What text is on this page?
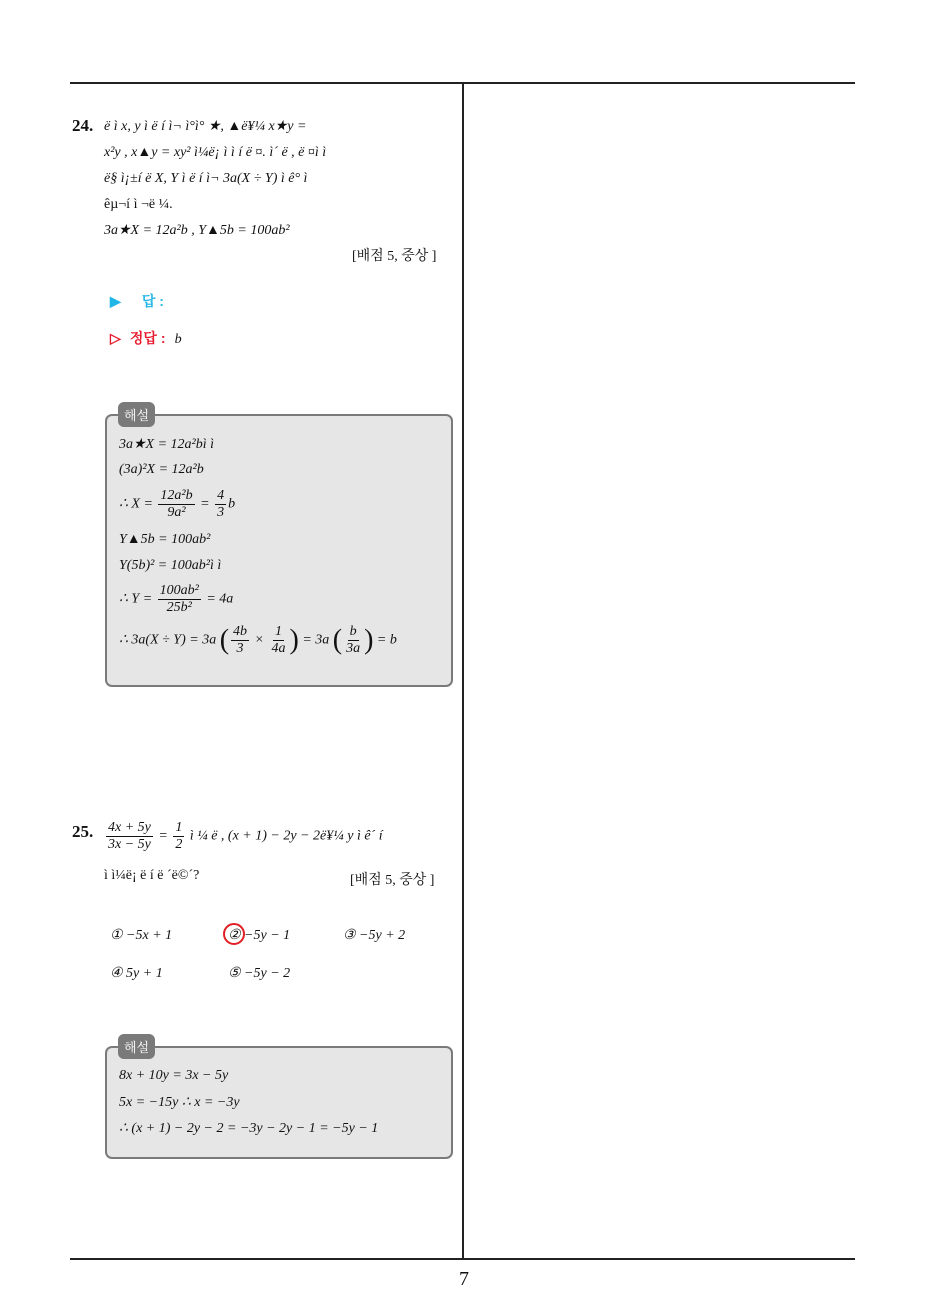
24. ë ì x, y ì ë í ì¬ ì°ì° ★, ▲ë¥¼ x★y =
x²y , x▲y = xy² ì¼ë¡ ì ì í ë ¤. ì´ ë , ë ¤ì ì
ë§ ì¡±í ë X, Y ì ë í ì¬ 3a(X ÷ Y) ì ê° ì
êµ¬í ì ¬ë ¼.
3a★X = 12a²b , Y▲5b = 100ab²
[배점 5, 중상 ]
▶ 답 :
▷ 정답 : b
3a★X = 12a²bì ì
(3a)²X = 12a²b
∴ $X = \frac{\text{12a²b}}{\text{9a²}} = \frac{4}{3}$ b
Y▲5b = 100ab²
Y(5b)² = 100ab²ì ì
∴ $Y = \frac{\text{100ab²}}{\text{25b²}} = 4a$
∴ 3a(X ÷ Y) = 3a ( $\frac{4b}{3} \times \frac{1}{4a}$ ) = 3a ( $\frac{b}{3a}$ ) = b
해설
25. $\frac{4x + 5y}{3x - 5y} = \frac{1}{2}$ ì ¼ ë , (x + 1) − 2y − 2ë¥¼ y ì ê´ í
ì ì¼ë¡ ë í ë ´ë©´?	[배점 5, 중상 ]
① −5x + 1	② −5y − 1	③ −5y + 2
④ 5y + 1	⑤ −5y − 2
8x + 10y = 3x − 5y
5x = −15y ∴ x = −3y
∴ (x + 1) − 2y − 2 = −3y − 2y − 1 = −5y − 1
해설
7
